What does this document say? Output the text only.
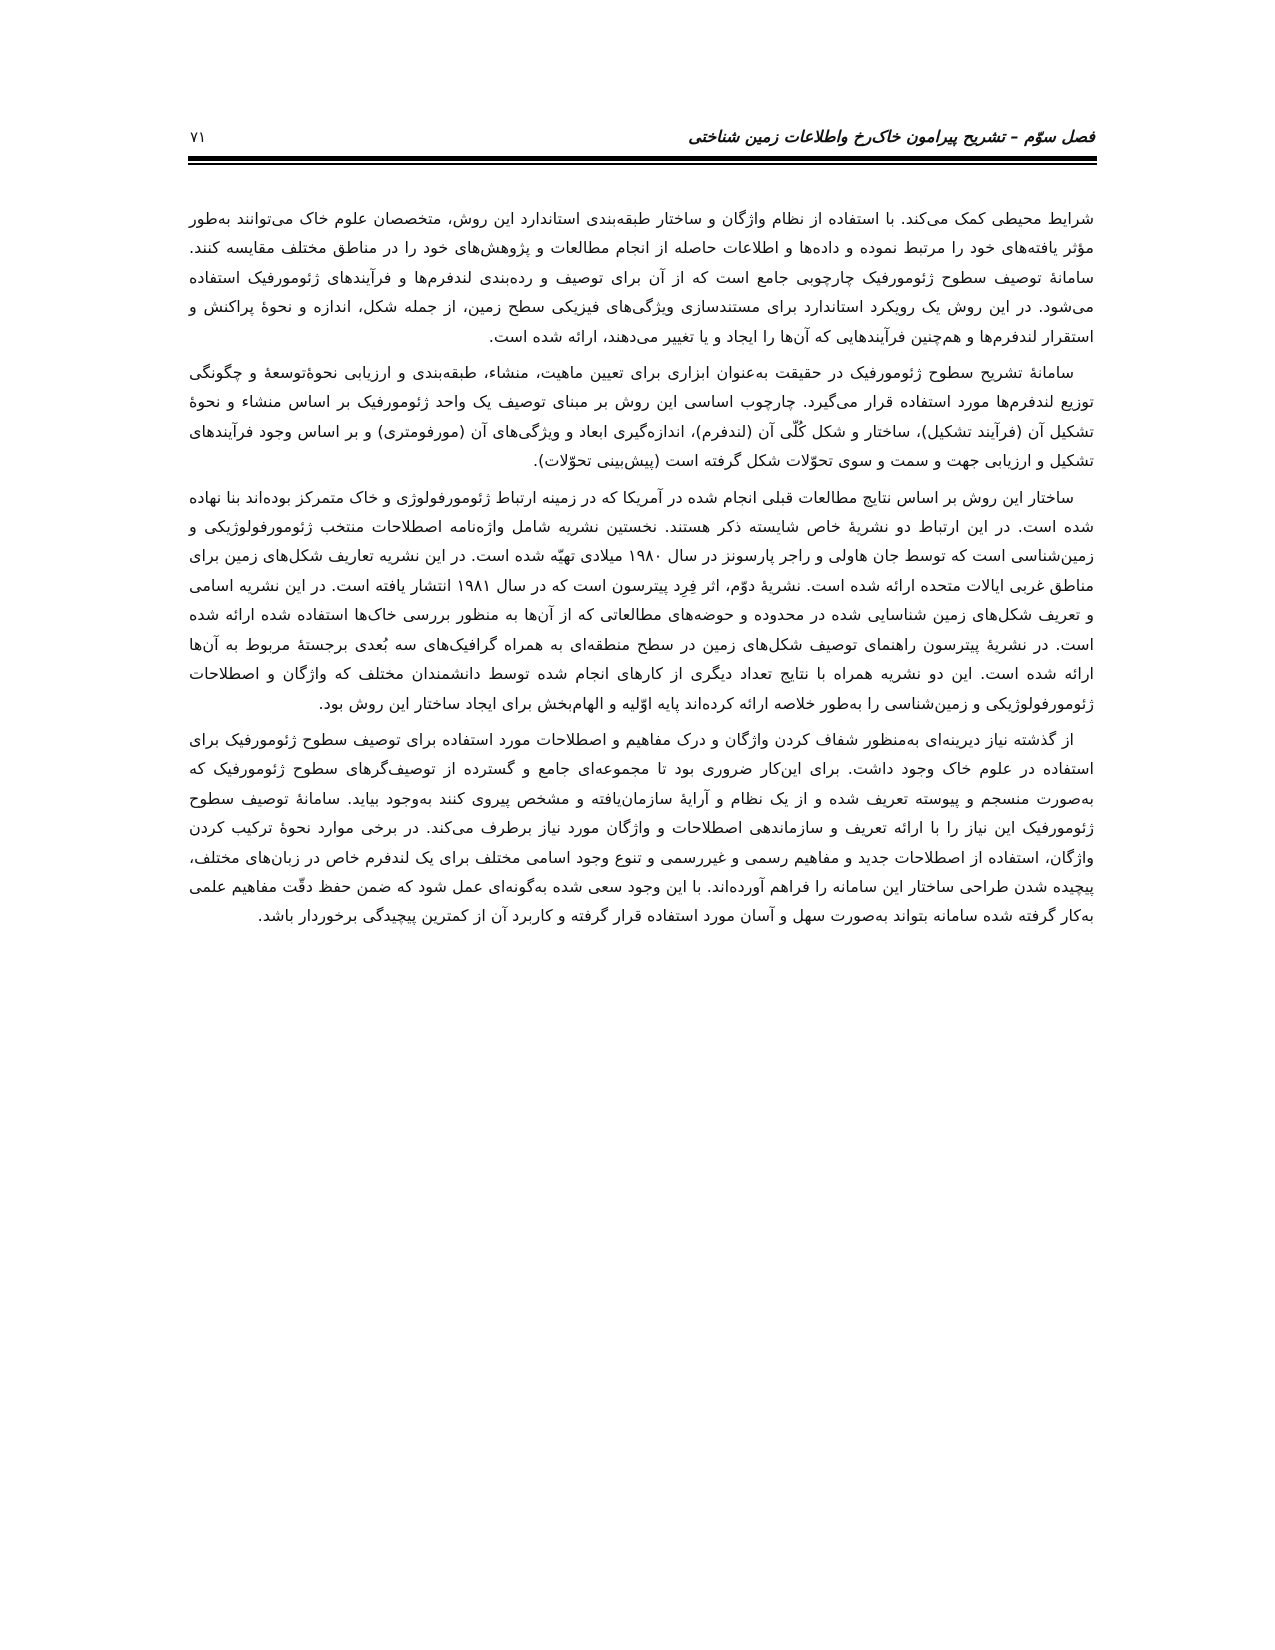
فصل سوّم – تشریح پیرامون خاک‌رخ واطلاعات زمین شناختی
۷۱

شرایط محیطی کمک می‌کند. با استفاده از نظام واژگان و ساختار طبقه‌بندی استاندارد این روش، متخصصان علوم خاک می‌توانند به‌طور مؤثر یافته‌های خود را مرتبط نموده و داده‌ها و اطلاعات حاصله از انجام مطالعات و پژوهش‌های خود را در مناطق مختلف مقایسه کنند. سامانهٔ توصیف سطوح ژئومورفیک چارچوبی جامع است که از آن برای توصیف و رده‌بندی لندفرم‌ها و فرآیندهای ژئومورفیک استفاده می‌شود. در این روش یک رویکرد استاندارد برای مستندسازی ویژگی‌های فیزیکی سطح زمین، از جمله شکل، اندازه و نحوهٔ پراکنش و استقرار لندفرم‌ها و هم‌چنین فرآیندهایی که آن‌ها را ایجاد و یا تغییر می‌دهند، ارائه شده است.

سامانهٔ تشریح سطوح ژئومورفیک در حقیقت به‌عنوان ابزاری برای تعیین ماهیت، منشاء، طبقه‌بندی و ارزیابی نحوهٔ‌توسعهٔ و چگونگی توزیع لندفرم‌ها مورد استفاده قرار می‌گیرد. چارچوب اساسی این روش بر مبنای توصیف یک واحد ژئومورفیک بر اساس منشاء و نحوهٔ تشکیل آن (فرآیند تشکیل)، ساختار و شکل کُلّی آن (لندفرم)، اندازه‌گیری ابعاد و ویژگی‌های آن (مورفومتری) و بر اساس وجود فرآیندهای تشکیل و ارزیابی جهت و سمت و سوی تحوّلات شکل گرفته است (پیش‌بینی تحوّلات).

ساختار این روش بر اساس نتایج مطالعات قبلی انجام شده در آمریکا که در زمینه ارتباط ژئومورفولوژی و خاک متمرکز بوده‌اند بنا نهاده شده است. در این ارتباط دو نشریهٔ خاص شایسته ذکر هستند. نخستین نشریه شامل واژه‌نامه اصطلاحات منتخب ژئومورفولوژیکی و زمین‌شناسی است که توسط جان هاولی و راجر پارسونز در سال ۱۹۸۰ میلادی تهیّه شده است. در این نشریه تعاریف شکل‌های زمین برای مناطق غربی ایالات متحده ارائه شده است. نشریهٔ دوّم، اثر فِرِد پیترسون است که در سال ۱۹۸۱ انتشار یافته است. در این نشریه اسامی و تعریف شکل‌های زمین شناسایی شده در محدوده و حوضه‌های مطالعاتی که از آن‌ها به منظور بررسی خاک‌ها استفاده شده ارائه شده است. در نشریهٔ پیترسون راهنمای توصیف شکل‌های زمین در سطح منطقه‌ای به همراه گرافیک‌های سه بُعدی برجستهٔ مربوط به آن‌ها ارائه شده است. این دو نشریه همراه با نتایج تعداد دیگری از کارهای انجام شده توسط دانشمندان مختلف که واژگان و اصطلاحات ژئومورفولوژیکی و زمین‌شناسی را به‌طور خلاصه ارائه کرده‌اند پایه اوّلیه و الهام‌بخش برای ایجاد ساختار این روش بود.

از گذشته نیاز دیرینه‌ای به‌منظور شفاف کردن واژگان و درک مفاهیم و اصطلاحات مورد استفاده برای توصیف سطوح ژئومورفیک برای استفاده در علوم خاک وجود داشت. برای این‌کار ضروری بود تا مجموعه‌ای جامع و گسترده از توصیف‌گرهای سطوح ژئومورفیک که به‌صورت منسجم و پیوسته تعریف شده و از یک نظام و آرایهٔ سازمان‌یافته و مشخص پیروی کنند به‌وجود بیاید. سامانهٔ توصیف سطوح ژئومورفیک این نیاز را با ارائه تعریف و سازماندهی اصطلاحات و واژگان مورد نیاز برطرف می‌کند. در برخی موارد نحوهٔ ترکیب کردن واژگان، استفاده از اصطلاحات جدید و مفاهیم رسمی و غیررسمی و تنوع وجود اسامی مختلف برای یک لندفرم خاص در زبان‌های مختلف، پیچیده شدن طراحی ساختار این سامانه را فراهم آورده‌اند. با این وجود سعی شده به‌گونه‌ای عمل شود که ضمن حفظ دقّت مفاهیم علمی به‌کار گرفته شده سامانه بتواند به‌صورت سهل و آسان مورد استفاده قرار گرفته و کاربرد آن از کمترین پیچیدگی برخوردار باشد.
